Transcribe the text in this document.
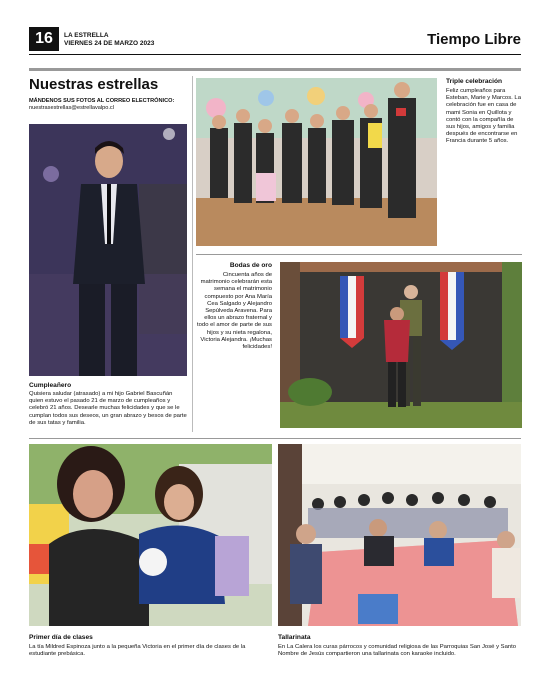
16	LA ESTRELLA
VIERNES 24 DE MARZO 2023	Tiempo Libre
Nuestras estrellas
MÁNDENOS SUS FOTOS AL CORREO ELECTRÓNICO:
nuestrasestrellas@estrellavalpo.cl
Cumpleañero
Quisiera saludar (atrasado) a mi hijo Gabriel Bascuñán quien estuvo el pasado 21 de marzo de cumpleaños y celebró 21 años. Desearle muchas felicidades y que se le cumplan todos sus deseos, un gran abrazo y besos de parte de sus tatas y familia.
Triple celebración
Feliz cumpleaños para Esteban, Marie y Marcos. La celebración fue en casa de mami Sonia en Quillota y contó con la compañía de sus hijos, amigos y familia después de encontrarse en Francia durante 5 años.
Bodas de oro
Cincuenta años de matrimonio celebrarán esta semana el matrimonio compuesto por Ana María Cea Salgado y Alejandro Sepúlveda Aravena. Para ellos un abrazo fraternal y todo el amor de parte de sus hijos y su nieta regalona, Victoria Alejandra. ¡Muchas felicidades!
Primer día de clases
La tía Mildred Espinoza junto a la pequeña Victoria en el primer día de clases de la estudiante prebásica.
Tallarinata
En La Calera los curas párrocos y comunidad religiosa de las Parroquias San José y Santo Nombre de Jesús compartieron una tallarinata con karaoke incluido.
